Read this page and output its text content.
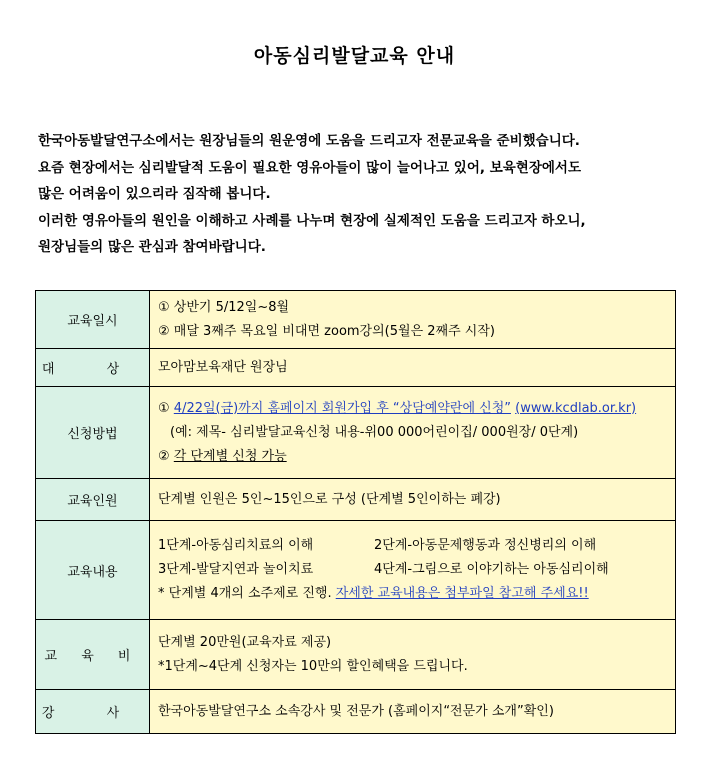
아동심리발달교육 안내

한국아동발달연구소에서는 원장님들의 원운영에 도움을 드리고자 전문교육을 준비했습니다.

요즘 현장에서는 심리발달적 도움이 필요한 영유아들이 많이 늘어나고 있어, 보육현장에서도

많은 어려움이 있으리라 짐작해 봅니다.

이러한 영유아들의 원인을 이해하고 사례를 나누며 현장에 실제적인 도움을 드리고자 하오니,

원장님들의 많은 관심과 참여바랍니다.

교육일시	① 상반기 5/12일~8월
② 매달 3째주 목요일 비대면 zoom강의(5월은 2째주 시작)

대 상	모아맘보육재단 원장님
신청방법	① 4/22일(금)까지 홈페이지 회원가입 후 “상담예약란에 신청” (www.kcdlab.or.kr)
(예: 제목- 심리발달교육신청 내용-위00 000어린이집/ 000원장/ 0단계)
② 각 단계별 신청 가능

교육인원	단계별 인원은 5인~15인으로 구성 (단계별 5인이하는 폐강)
교육내용	1단계-아동심리치료의 이해 2단계-아동문제행동과 정신병리의 이해
3단계-발달지연과 놀이치료 4단계-그림으로 이야기하는 아동심리이해
* 단계별 4개의 소주제로 진행. 자세한 교육내용은 첨부파일 참고해 주세요!!

교 육 비	단계별 20만원(교육자료 제공)
*1단계~4단계 신청자는 10만의 할인혜택을 드립니다.

강 사	한국아동발달연구소 소속강사 및 전문가 (홈페이지“전문가 소개”확인)
